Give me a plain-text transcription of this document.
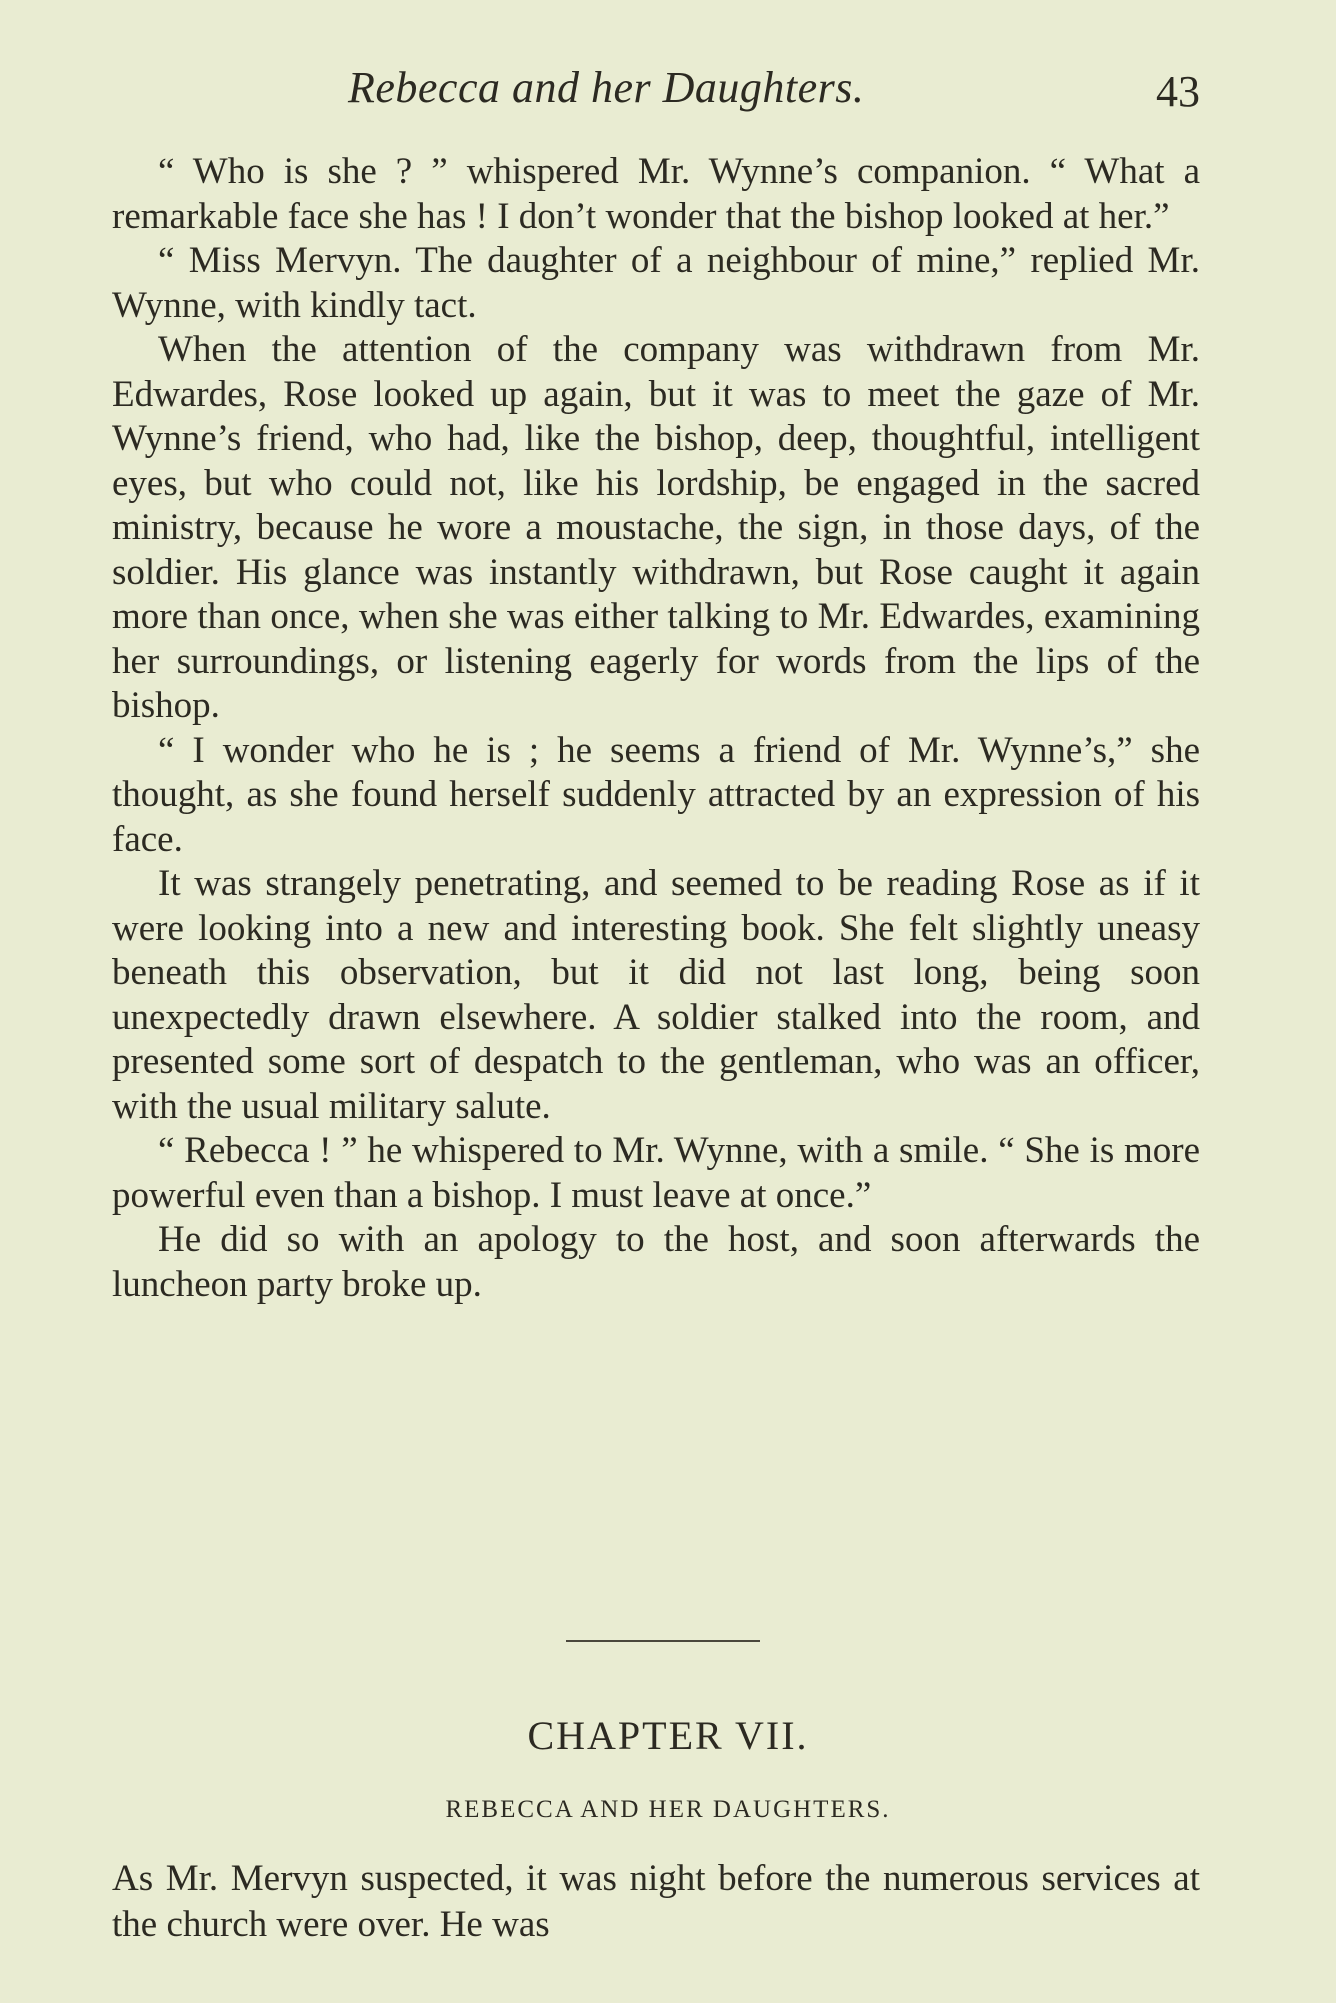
Rebecca and her Daughters.	43

“ Who is she ? ” whispered Mr. Wynne’s companion. “ What a remarkable face she has ! I don’t wonder that the bishop looked at her.”

“ Miss Mervyn. The daughter of a neighbour of mine,” replied Mr. Wynne, with kindly tact.

When the attention of the company was withdrawn from Mr. Edwardes, Rose looked up again, but it was to meet the gaze of Mr. Wynne’s friend, who had, like the bishop, deep, thoughtful, intelligent eyes, but who could not, like his lordship, be engaged in the sacred ministry, because he wore a moustache, the sign, in those days, of the soldier. His glance was instantly withdrawn, but Rose caught it again more than once, when she was either talking to Mr. Edwardes, examining her surroundings, or listening eagerly for words from the lips of the bishop.

“ I wonder who he is ; he seems a friend of Mr. Wynne’s,” she thought, as she found herself suddenly attracted by an expression of his face.

It was strangely penetrating, and seemed to be reading Rose as if it were looking into a new and interesting book. She felt slightly uneasy beneath this observation, but it did not last long, being soon unexpectedly drawn elsewhere. A soldier stalked into the room, and presented some sort of despatch to the gentleman, who was an officer, with the usual military salute.

“ Rebecca ! ” he whispered to Mr. Wynne, with a smile. “ She is more powerful even than a bishop. I must leave at once.”

He did so with an apology to the host, and soon afterwards the luncheon party broke up.

CHAPTER VII.
REBECCA AND HER DAUGHTERS.

As Mr. Mervyn suspected, it was night before the numerous services at the church were over. He was
